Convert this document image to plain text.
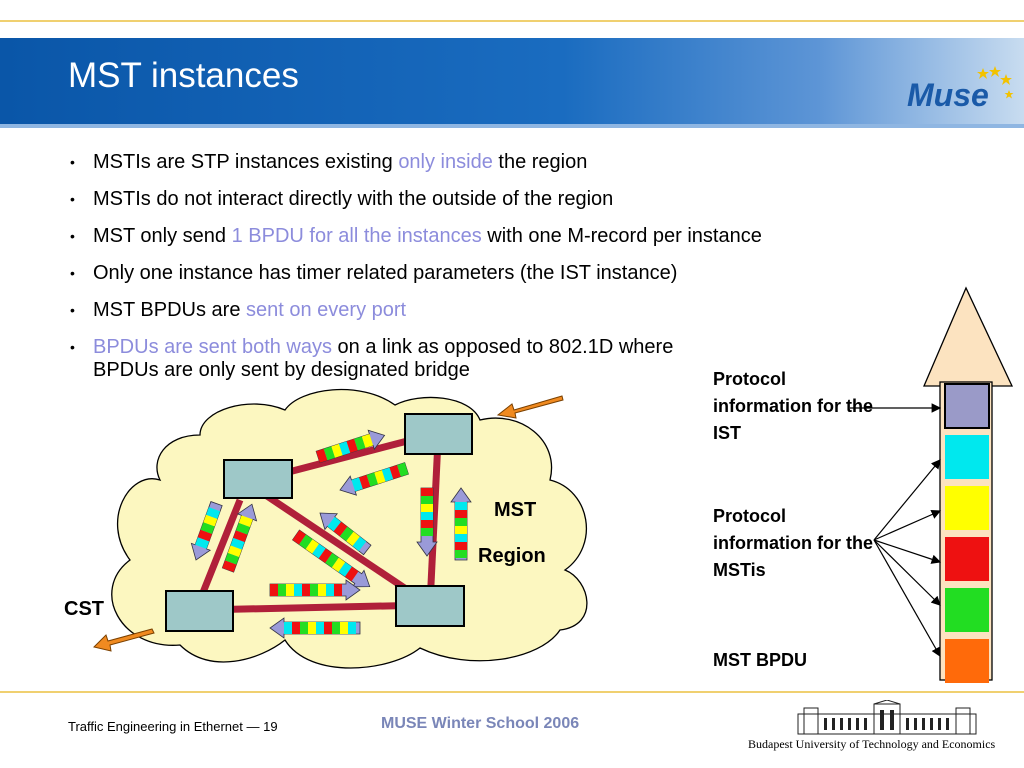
MST instances	Muse
• MSTIs are STP instances existing only inside the region
• MSTIs do not interact directly with the outside of the region
• MST only send 1 BPDU for all the instances with one M-record per instance
• Only one instance has timer related parameters (the IST instance)
• MST BPDUs are sent on every port
• BPDUs are sent both ways on a link as opposed to 802.1D where
BPDUs are only sent by designated bridge
MST
Region
CST
Protocol information for the IST
Protocol information for the MSTis
MST BPDU
Traffic Engineering in Ethernet — 19	MUSE Winter School 2006
Budapest University of Technology and Economics
